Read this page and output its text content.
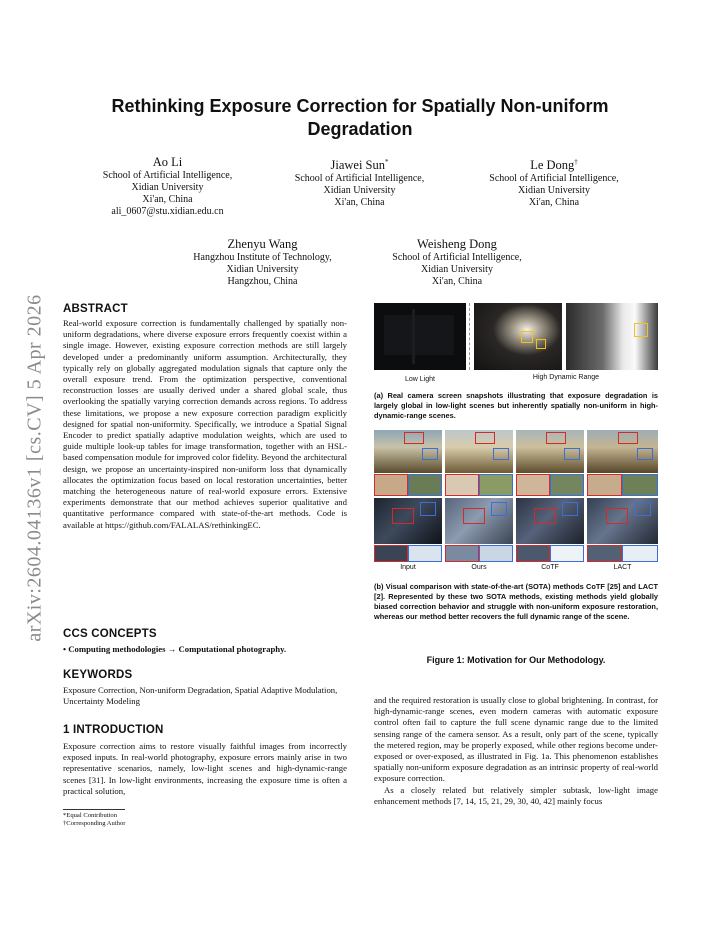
arXiv:2604.04136v1 [cs.CV] 5 Apr 2026
Rethinking Exposure Correction for Spatially Non-uniform Degradation
Ao Li
School of Artificial Intelligence,
Xidian University
Xi'an, China
ali_0607@stu.xidian.edu.cn
Jiawei Sun*
School of Artificial Intelligence,
Xidian University
Xi'an, China
Le Dong†
School of Artificial Intelligence,
Xidian University
Xi'an, China
Zhenyu Wang
Hangzhou Institute of Technology,
Xidian University
Hangzhou, China
Weisheng Dong
School of Artificial Intelligence,
Xidian University
Xi'an, China
ABSTRACT

Real-world exposure correction is fundamentally challenged by spatially non-uniform degradations, where diverse exposure errors frequently coexist within a single image. However, existing exposure correction methods are still largely developed under a predominantly uniform assumption. Architecturally, they typically rely on globally aggregated modulation signals that capture only the overall exposure trend. From the optimization perspective, conventional reconstruction losses are usually derived under a shared global scale, thus overlooking the spatially varying correction demands across regions. To address these limitations, we propose a new exposure correction paradigm explicitly designed for spatial non-uniformity. Specifically, we introduce a Spatial Signal Encoder to predict spatially adaptive modulation weights, which are used to guide multiple look-up tables for image transformation, together with an HSL-based compensation module for improved color fidelity. Beyond the architectural design, we propose an uncertainty-inspired non-uniform loss that dynamically allocates the optimization focus based on local restoration uncertainties, better matching the heterogeneous nature of real-world exposure errors. Extensive experiments demonstrate that our method achieves superior qualitative and quantitative performance compared with state-of-the-art methods. Code is available at https://github.com/FALALAS/rethinkingEC.

CCS CONCEPTS

• Computing methodologies → Computational photography.

KEYWORDS

Exposure Correction, Non-uniform Degradation, Spatial Adaptive Modulation, Uncertainty Modeling

1 INTRODUCTION

Exposure correction aims to restore visually faithful images from incorrectly exposed inputs. In real-world photography, exposure errors mainly arise in two representative scenarios, namely, low-light scenes and high-dynamic-range scenes [31]. In low-light environments, increasing the exposure time is often a practical solution,

*Equal Contribution
†Corresponding Author
Low Light	High Dynamic Range
(a) Real camera screen snapshots illustrating that exposure degradation is largely global in low-light scenes but inherently spatially non-uniform in high-dynamic-range scenes.
Input	Ours	CoTF	LACT
(b) Visual comparison with state-of-the-art (SOTA) methods CoTF [25] and LACT [2]. Represented by these two SOTA methods, existing methods yield globally biased correction behavior and struggle with non-uniform exposure restoration, whereas our method better recovers the full dynamic range of the scene.
Figure 1: Motivation for Our Methodology.

and the required restoration is usually close to global brightening. In contrast, for high-dynamic-range scenes, even modern cameras with automatic exposure control often fail to capture the full scene dynamic range due to the limited sensing range of the camera sensor. As a result, only part of the scene, typically the metered region, may be properly exposed, while other regions become under-exposed or over-exposed, as illustrated in Fig. 1a. This phenomenon establishes spatially non-uniform exposure degradation as an intrinsic property of real-world exposure correction.

As a closely related but relatively simpler subtask, low-light image enhancement methods [7, 14, 15, 21, 29, 30, 40, 42] mainly focus
